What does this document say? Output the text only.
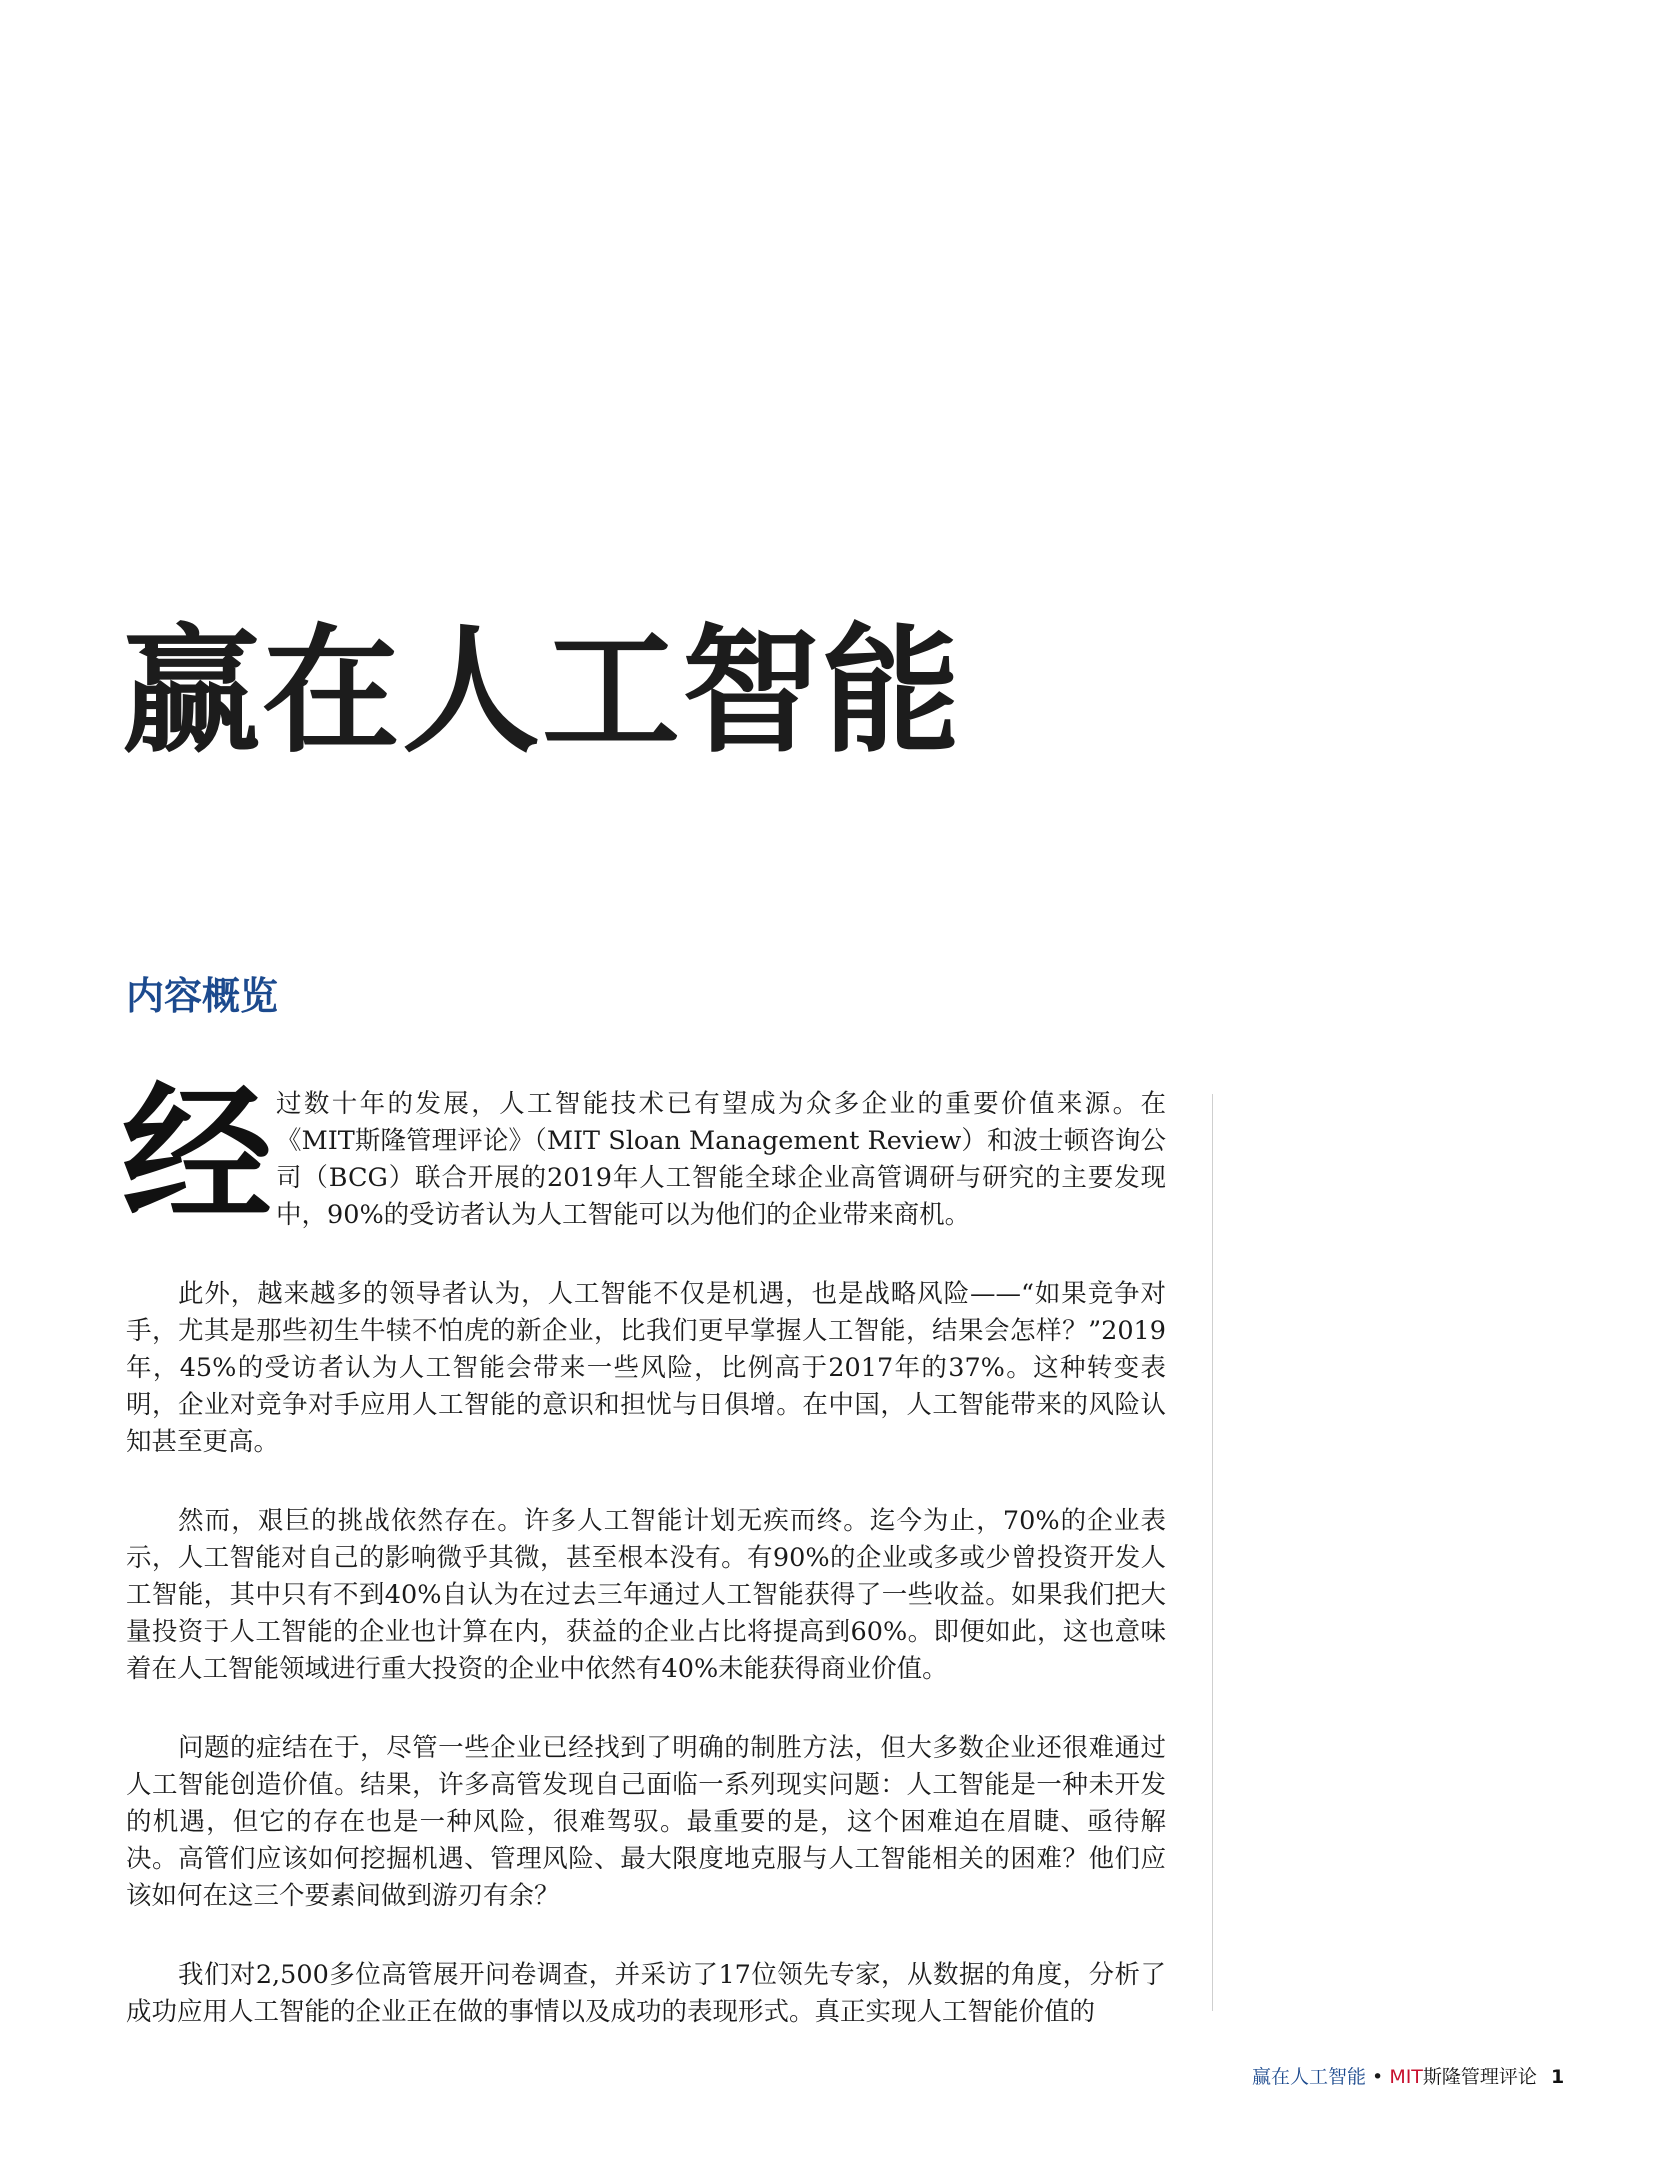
赢在人工智能
内容概览

经过数十年的发展，人工智能技术已有望成为众多企业的重要价值来源。在《MIT斯隆管理评论》（MIT Sloan Management Review）和波士顿咨询公司（BCG）联合开展的2019年人工智能全球企业高管调研与研究的主要发现中，90%的受访者认为人工智能可以为他们的企业带来商机。

此外，越来越多的领导者认为，人工智能不仅是机遇，也是战略风险——“如果竞争对手，尤其是那些初生牛犊不怕虎的新企业，比我们更早掌握人工智能，结果会怎样？”2019年，45%的受访者认为人工智能会带来一些风险，比例高于2017年的37%。这种转变表明，企业对竞争对手应用人工智能的意识和担忧与日俱增。在中国，人工智能带来的风险认知甚至更高。

然而，艰巨的挑战依然存在。许多人工智能计划无疾而终。迄今为止，70%的企业表示，人工智能对自己的影响微乎其微，甚至根本没有。有90%的企业或多或少曾投资开发人工智能，其中只有不到40%自认为在过去三年通过人工智能获得了一些收益。如果我们把大量投资于人工智能的企业也计算在内，获益的企业占比将提高到60%。即便如此，这也意味着在人工智能领域进行重大投资的企业中依然有40%未能获得商业价值。

问题的症结在于，尽管一些企业已经找到了明确的制胜方法，但大多数企业还很难通过人工智能创造价值。结果，许多高管发现自己面临一系列现实问题：人工智能是一种未开发的机遇，但它的存在也是一种风险，很难驾驭。最重要的是，这个困难迫在眉睫、亟待解决。高管们应该如何挖掘机遇、管理风险、最大限度地克服与人工智能相关的困难？他们应该如何在这三个要素间做到游刃有余？

我们对2,500多位高管展开问卷调查，并采访了17位领先专家，从数据的角度，分析了成功应用人工智能的企业正在做的事情以及成功的表现形式。真正实现人工智能价值的

赢在人工智能 • MIT斯隆管理评论 1
